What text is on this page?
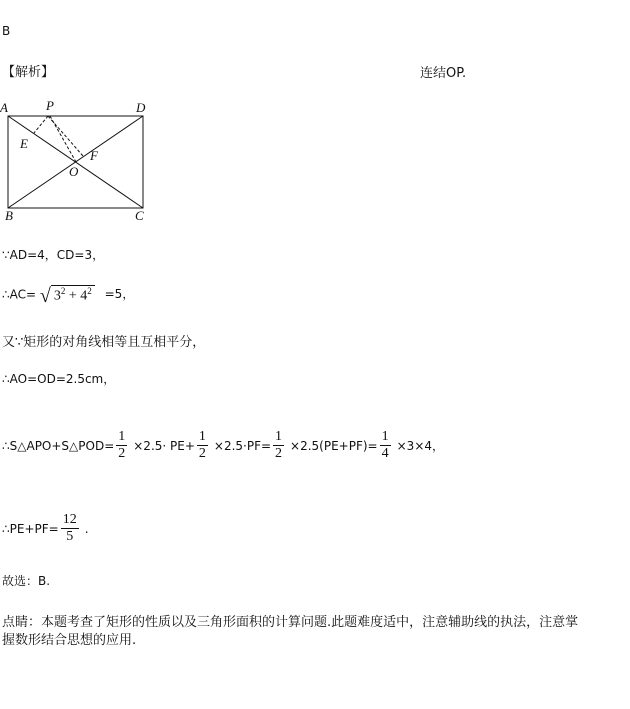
B
【解析】	连结OP.
A	P	D
E
F
O
B	C
∵AD=4，CD=3，
∴AC= √ $3^2 + 4^2 =5$，
又∵矩形的对角线相等且互相平分，
∴AO=OD=2.5cm，
∴S△APO+S△POD= $\frac{1}{2} \times 2.5\cdot PE+ \frac{1}{2} \times 2.5\cdot PF= \frac{1}{2} \times 2.5(PE+PF)= \frac{1}{4} \times 3\times 4$，
∴PE+PF= $\frac{12}{5}$ .
故选：B.
点睛：本题考查了矩形的性质以及三角形面积的计算问题.此题难度适中，注意辅助线的执法，注意掌
握数形结合思想的应用.
